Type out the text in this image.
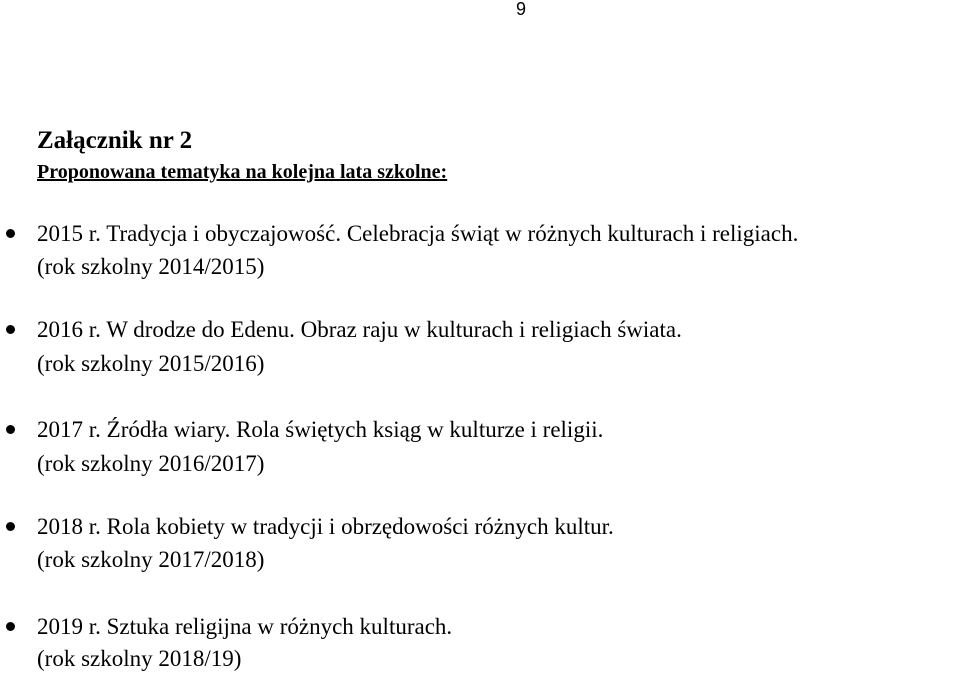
9
Załącznik nr 2
Proponowana tematyka na kolejna lata szkolne:
2015 r. Tradycja i obyczajowość. Celebracja świąt w różnych kulturach i religiach.
(rok szkolny 2014/2015)
2016 r. W drodze do Edenu. Obraz raju w kulturach i religiach świata.
(rok szkolny 2015/2016)
2017 r. Źródła wiary. Rola świętych ksiąg w kulturze i religii.
(rok szkolny 2016/2017)
2018 r. Rola kobiety w tradycji i obrzędowości różnych kultur.
(rok szkolny 2017/2018)
2019 r. Sztuka religijna w różnych kulturach.
(rok szkolny 2018/19)
